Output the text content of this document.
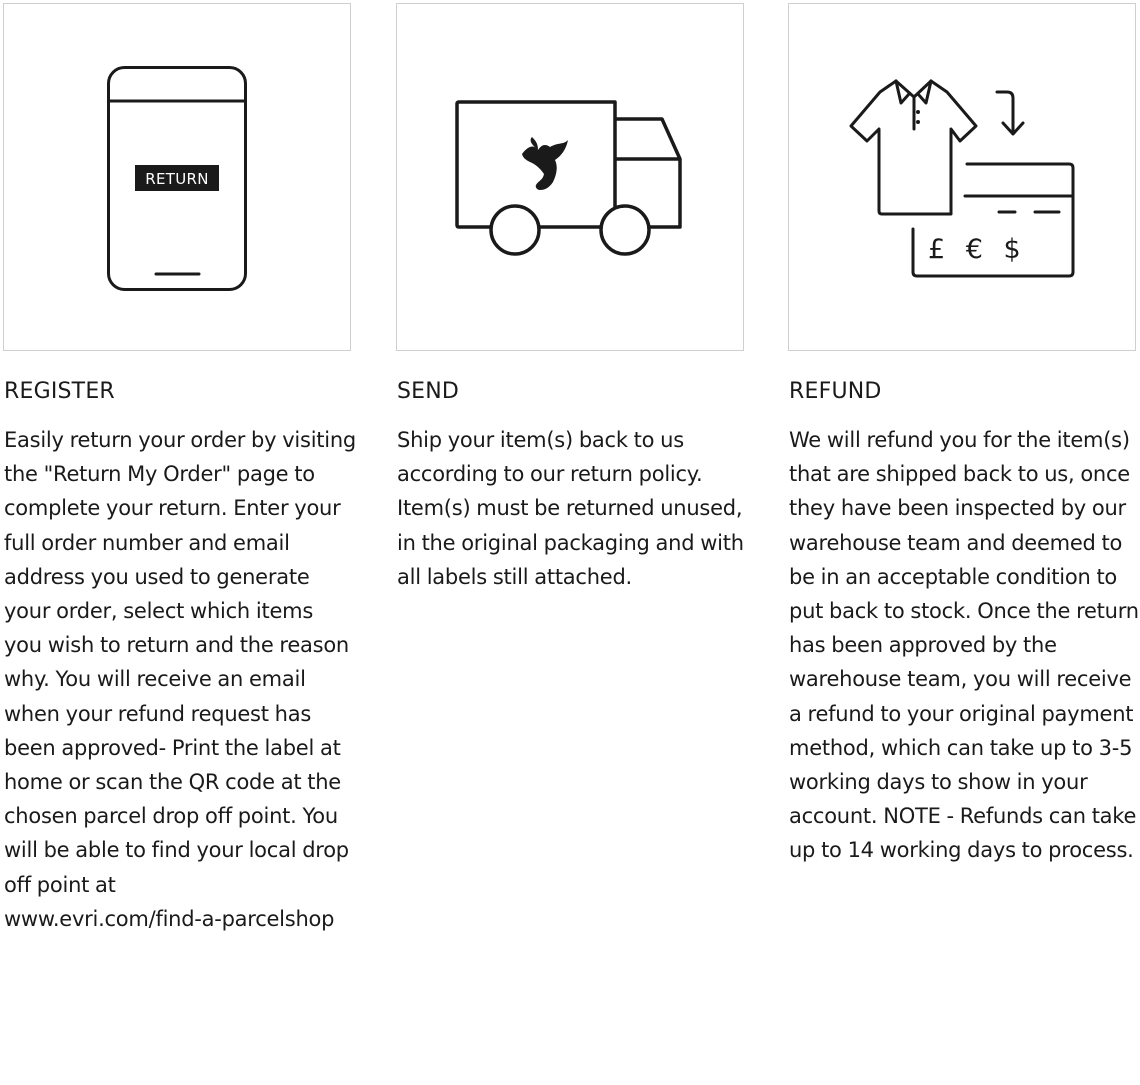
RETURN
REGISTER
Easily return your order by visiting the "Return My Order" page to complete your return. Enter your full order number and email address you used to generate your order, select which items you wish to return and the reason why. You will receive an email when your refund request has been approved- Print the label at home or scan the QR code at the chosen parcel drop off point. You will be able to find your local drop off point at
www.evri.com/find-a-parcelshop
SEND
Ship your item(s) back to us according to our return policy. Item(s) must be returned unused, in the original packaging and with all labels still attached.
£ € $
REFUND
We will refund you for the item(s) that are shipped back to us, once they have been inspected by our warehouse team and deemed to be in an acceptable condition to put back to stock. Once the return has been approved by the warehouse team, you will receive a refund to your original payment method, which can take up to 3-5 working days to show in your account. NOTE - Refunds can take up to 14 working days to process.
